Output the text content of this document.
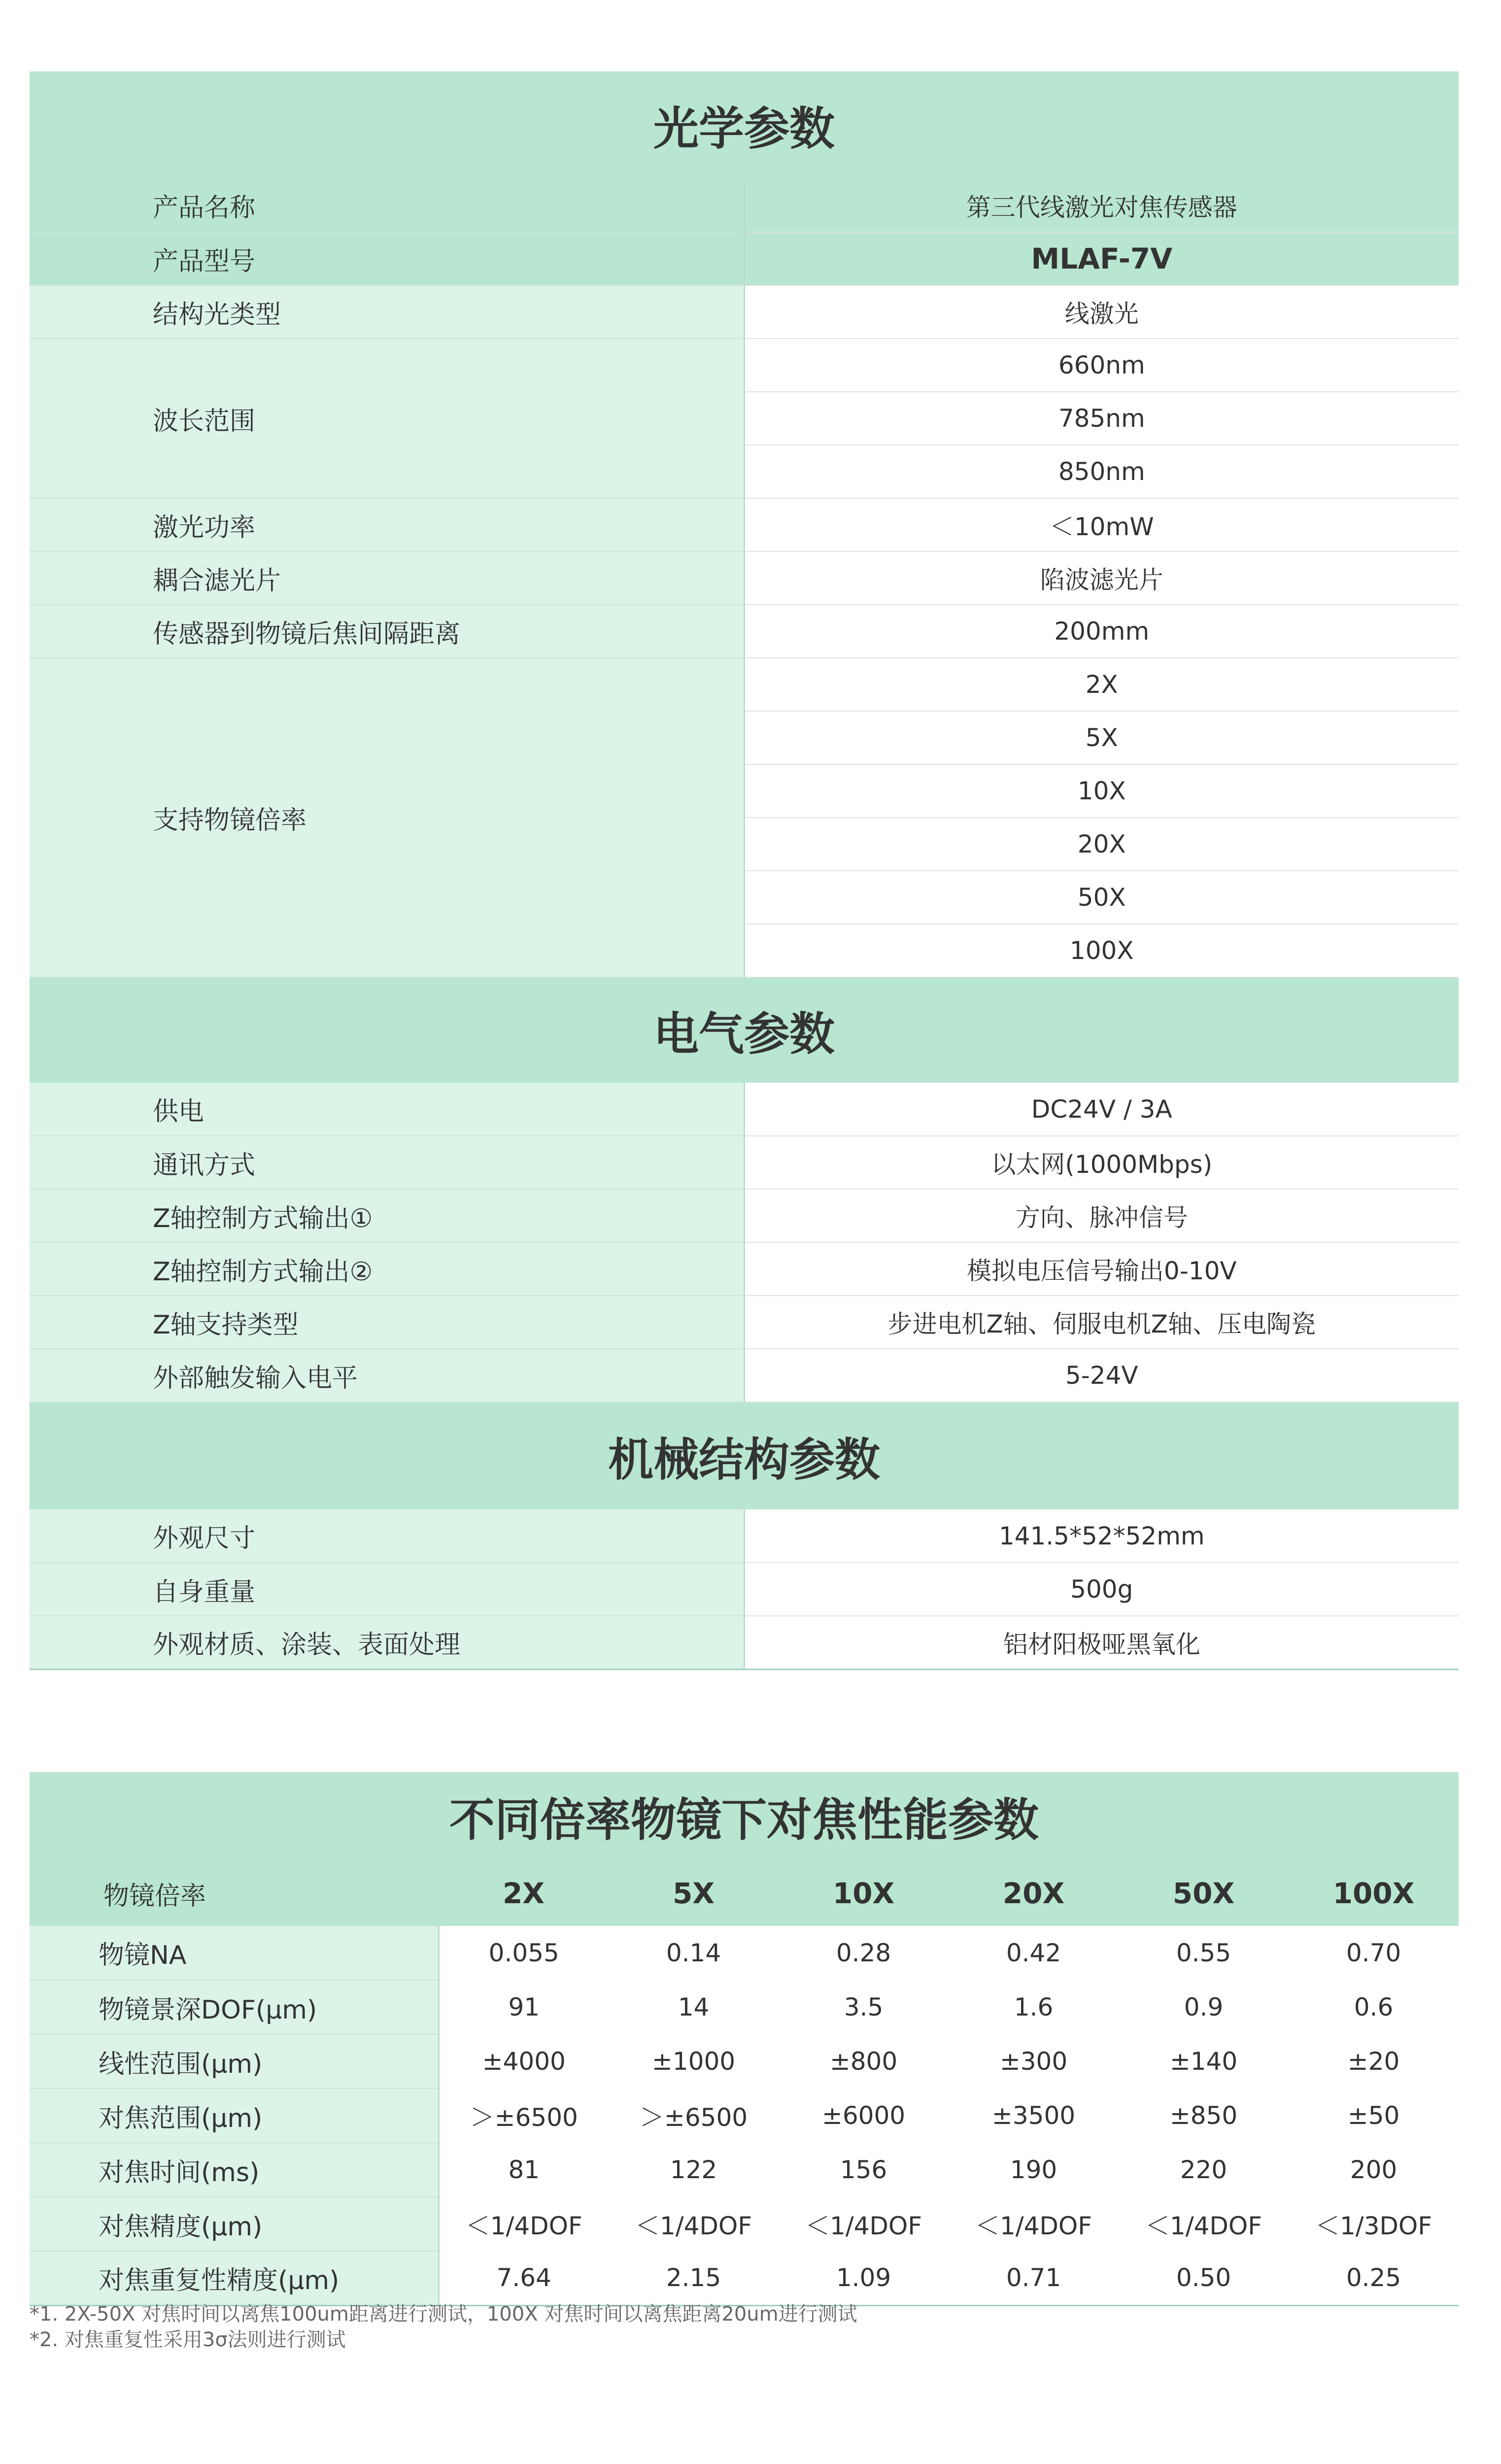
光学参数	
产品名称	第三代线激光对焦传感器
产品型号	MLAF-7V
结构光类型	线激光
波长范围	660nm
	785nm
	850nm
激光功率	＜10mW
耦合滤光片	陷波滤光片
传感器到物镜后焦间隔距离	200mm
支持物镜倍率	2X
	5X
	10X
	20X
	50X
	100X
电气参数	
供电	DC24V / 3A
通讯方式	以太网(1000Mbps)
Z轴控制方式输出①	方向、脉冲信号
Z轴控制方式输出②	模拟电压信号输出0-10V
Z轴支持类型	步进电机Z轴、伺服电机Z轴、压电陶瓷
外部触发输入电平	5-24V
机械结构参数	
外观尺寸	141.5*52*52mm
自身重量	500g
外观材质、涂装、表面处理	铝材阳极哑黑氧化
不同倍率物镜下对焦性能参数						
物镜倍率	2X	5X	10X	20X	50X	100X
物镜NA	0.055	0.14	0.28	0.42	0.55	0.70
物镜景深DOF(μm)	91	14	3.5	1.6	0.9	0.6
线性范围(μm)	±4000	±1000	±800	±300	±140	±20
对焦范围(μm)	＞±6500	＞±6500	±6000	±3500	±850	±50
对焦时间(ms)	81	122	156	190	220	200
对焦精度(μm)	＜1/4DOF	＜1/4DOF	＜1/4DOF	＜1/4DOF	＜1/4DOF	＜1/3DOF
对焦重复性精度(μm)	7.64	2.15	1.09	0.71	0.50	0.25
*1. 2X-50X 对焦时间以离焦100um距离进行测试，100X 对焦时间以离焦距离20um进行测试
*2. 对焦重复性采用3σ法则进行测试
